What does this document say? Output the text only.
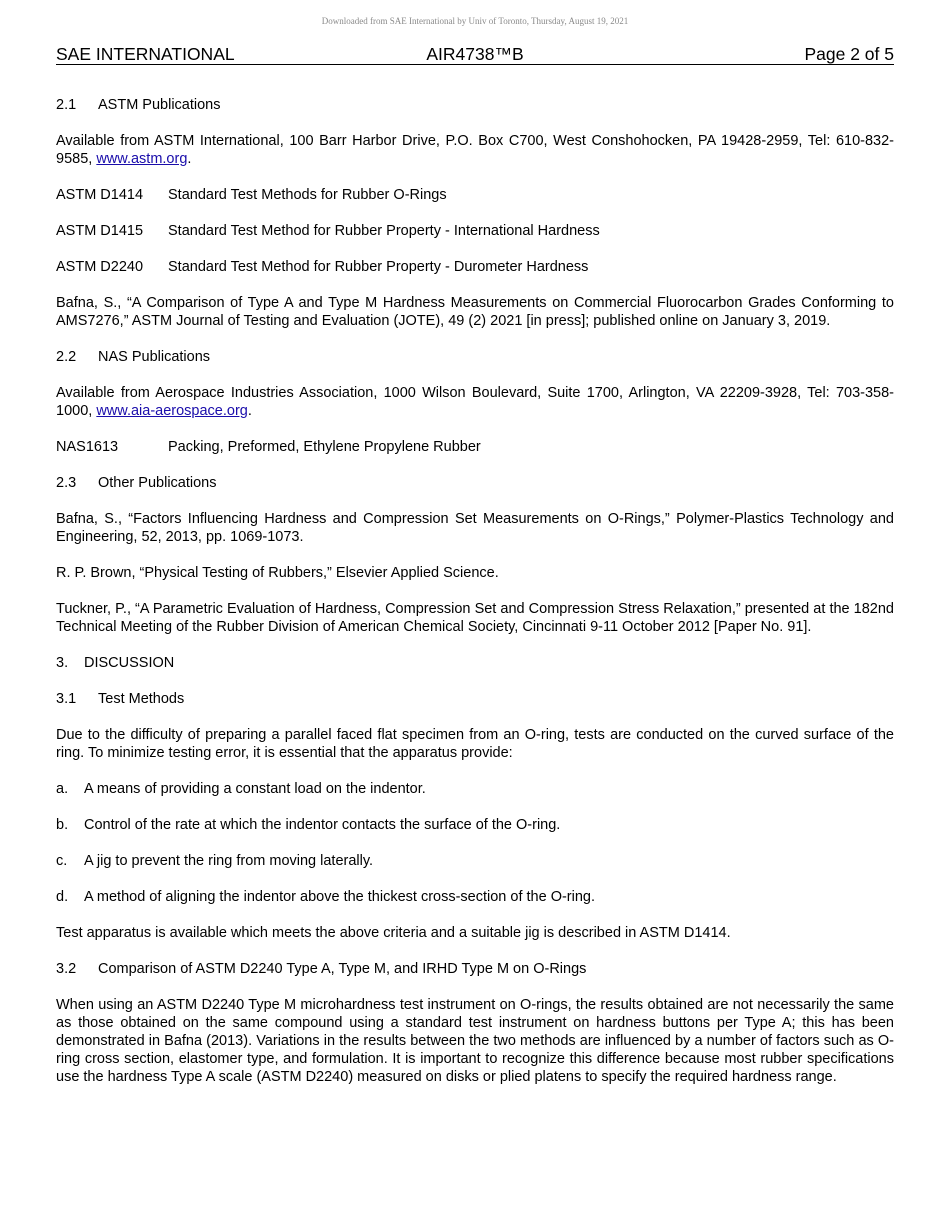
Downloaded from SAE International by Univ of Toronto, Thursday, August 19, 2021
SAE INTERNATIONAL	AIR4738™B	Page 2 of 5
2.1 ASTM Publications

Available from ASTM International, 100 Barr Harbor Drive, P.O. Box C700, West Conshohocken, PA 19428-2959, Tel: 610-832-9585, www.astm.org.

ASTM D1414 Standard Test Methods for Rubber O-Rings
ASTM D1415 Standard Test Method for Rubber Property - International Hardness
ASTM D2240 Standard Test Method for Rubber Property - Durometer Hardness

Bafna, S., “A Comparison of Type A and Type M Hardness Measurements on Commercial Fluorocarbon Grades Conforming to AMS7276,” ASTM Journal of Testing and Evaluation (JOTE), 49 (2) 2021 [in press]; published online on January 3, 2019.

2.2 NAS Publications

Available from Aerospace Industries Association, 1000 Wilson Boulevard, Suite 1700, Arlington, VA 22209-3928, Tel: 703-358-1000, www.aia-aerospace.org.

NAS1613	Packing, Preformed, Ethylene Propylene Rubber
2.3 Other Publications

Bafna, S., “Factors Influencing Hardness and Compression Set Measurements on O-Rings,” Polymer-Plastics Technology and Engineering, 52, 2013, pp. 1069-1073.

R. P. Brown, “Physical Testing of Rubbers,” Elsevier Applied Science.

Tuckner, P., “A Parametric Evaluation of Hardness, Compression Set and Compression Stress Relaxation,” presented at the 182nd Technical Meeting of the Rubber Division of American Chemical Society, Cincinnati 9-11 October 2012 [Paper No. 91].

3. DISCUSSION
3.1 Test Methods

Due to the difficulty of preparing a parallel faced flat specimen from an O-ring, tests are conducted on the curved surface of the ring. To minimize testing error, it is essential that the apparatus provide:

a. A means of providing a constant load on the indentor.
b. Control of the rate at which the indentor contacts the surface of the O-ring.
c. A jig to prevent the ring from moving laterally.
d. A method of aligning the indentor above the thickest cross-section of the O-ring.

Test apparatus is available which meets the above criteria and a suitable jig is described in ASTM D1414.

3.2 Comparison of ASTM D2240 Type A, Type M, and IRHD Type M on O-Rings

When using an ASTM D2240 Type M microhardness test instrument on O-rings, the results obtained are not necessarily the same as those obtained on the same compound using a standard test instrument on hardness buttons per Type A; this has been demonstrated in Bafna (2013). Variations in the results between the two methods are influenced by a number of factors such as O-ring cross section, elastomer type, and formulation. It is important to recognize this difference because most rubber specifications use the hardness Type A scale (ASTM D2240) measured on disks or plied platens to specify the required hardness range.
